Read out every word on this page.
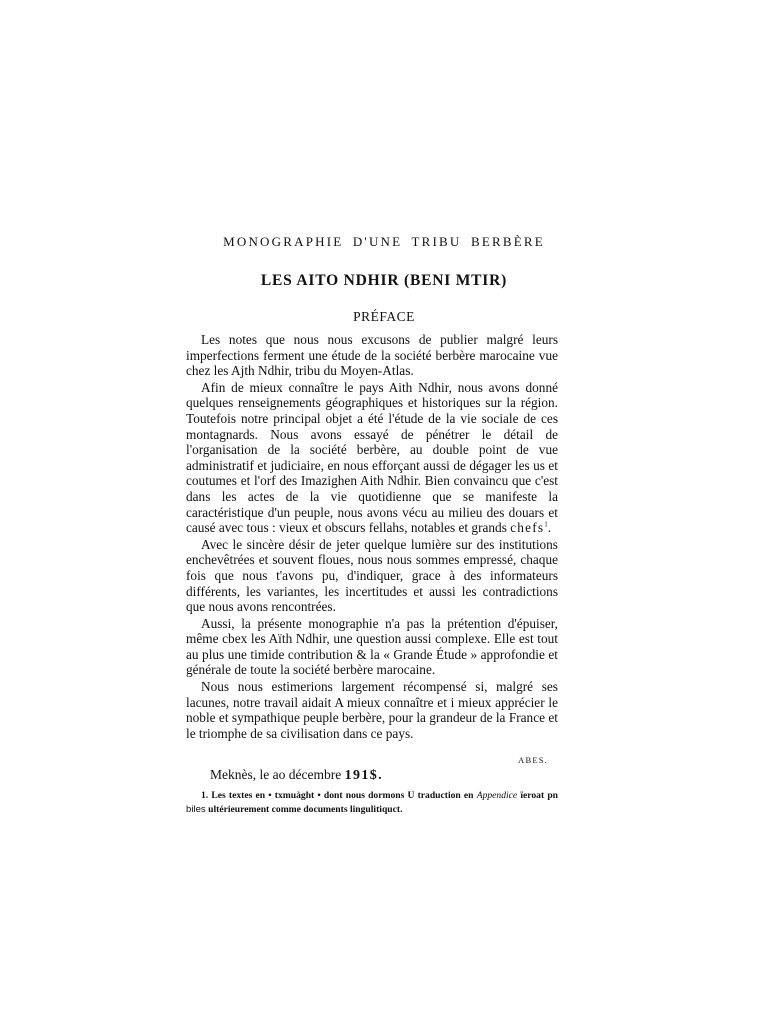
MONOGRAPHIE D'UNE TRIBU BERBÈRE
LES AITO NDHIR (BENI MTIR)
PRÉFACE

Les notes que nous nous excusons de publier malgré leurs imperfections ferment une étude de la société berbère marocaine vue chez les Ajth Ndhir, tribu du Moyen-Atlas.

Afin de mieux connaître le pays Aith Ndhir, nous avons donné quelques renseignements géographiques et historiques sur la région. Toutefois notre principal objet a été l'étude de la vie sociale de ces montagnards. Nous avons essayé de pénétrer le détail de l'organisation de la société berbère, au double point de vue administratif et judiciaire, en nous efforçant aussi de dégager les us et coutumes et l'orf des Imazighen Aith Ndhir. Bien convaincu que c'est dans les actes de la vie quotidienne que se manifeste la caractéristique d'un peuple, nous avons vécu au milieu des douars et causé avec tous : vieux et obscurs fellahs, notables et grands chefs$^1$.

Avec le sincère désir de jeter quelque lumière sur des institutions enchevêtrées et souvent floues, nous nous sommes empressé, chaque fois que nous t'avons pu, d'indiquer, grace à des informateurs différents, les variantes, les incertitudes et aussi les contradictions que nous avons rencontrées.

Aussi, la présente monographie n'a pas la prétention d'épuiser, même cbex les Aïth Ndhir, une question aussi complexe. Elle est tout au plus une timide contribution & la « Grande Étude » approfondie et générale de toute la société berbère marocaine.

Nous nous estimerions largement récompensé si, malgré ses lacunes, notre travail aidait A mieux connaître et i mieux apprécier le noble et sympathique peuple berbère, pour la grandeur de la France et le triomphe de sa civilisation dans ce pays.

ABES.
Meknès, le ao décembre 191$.
1. Les textes en • txmuàght • dont nous dormons U traduction en Appendice ïeroat pn biles ultérieurement comme documents lingulitiquct.
